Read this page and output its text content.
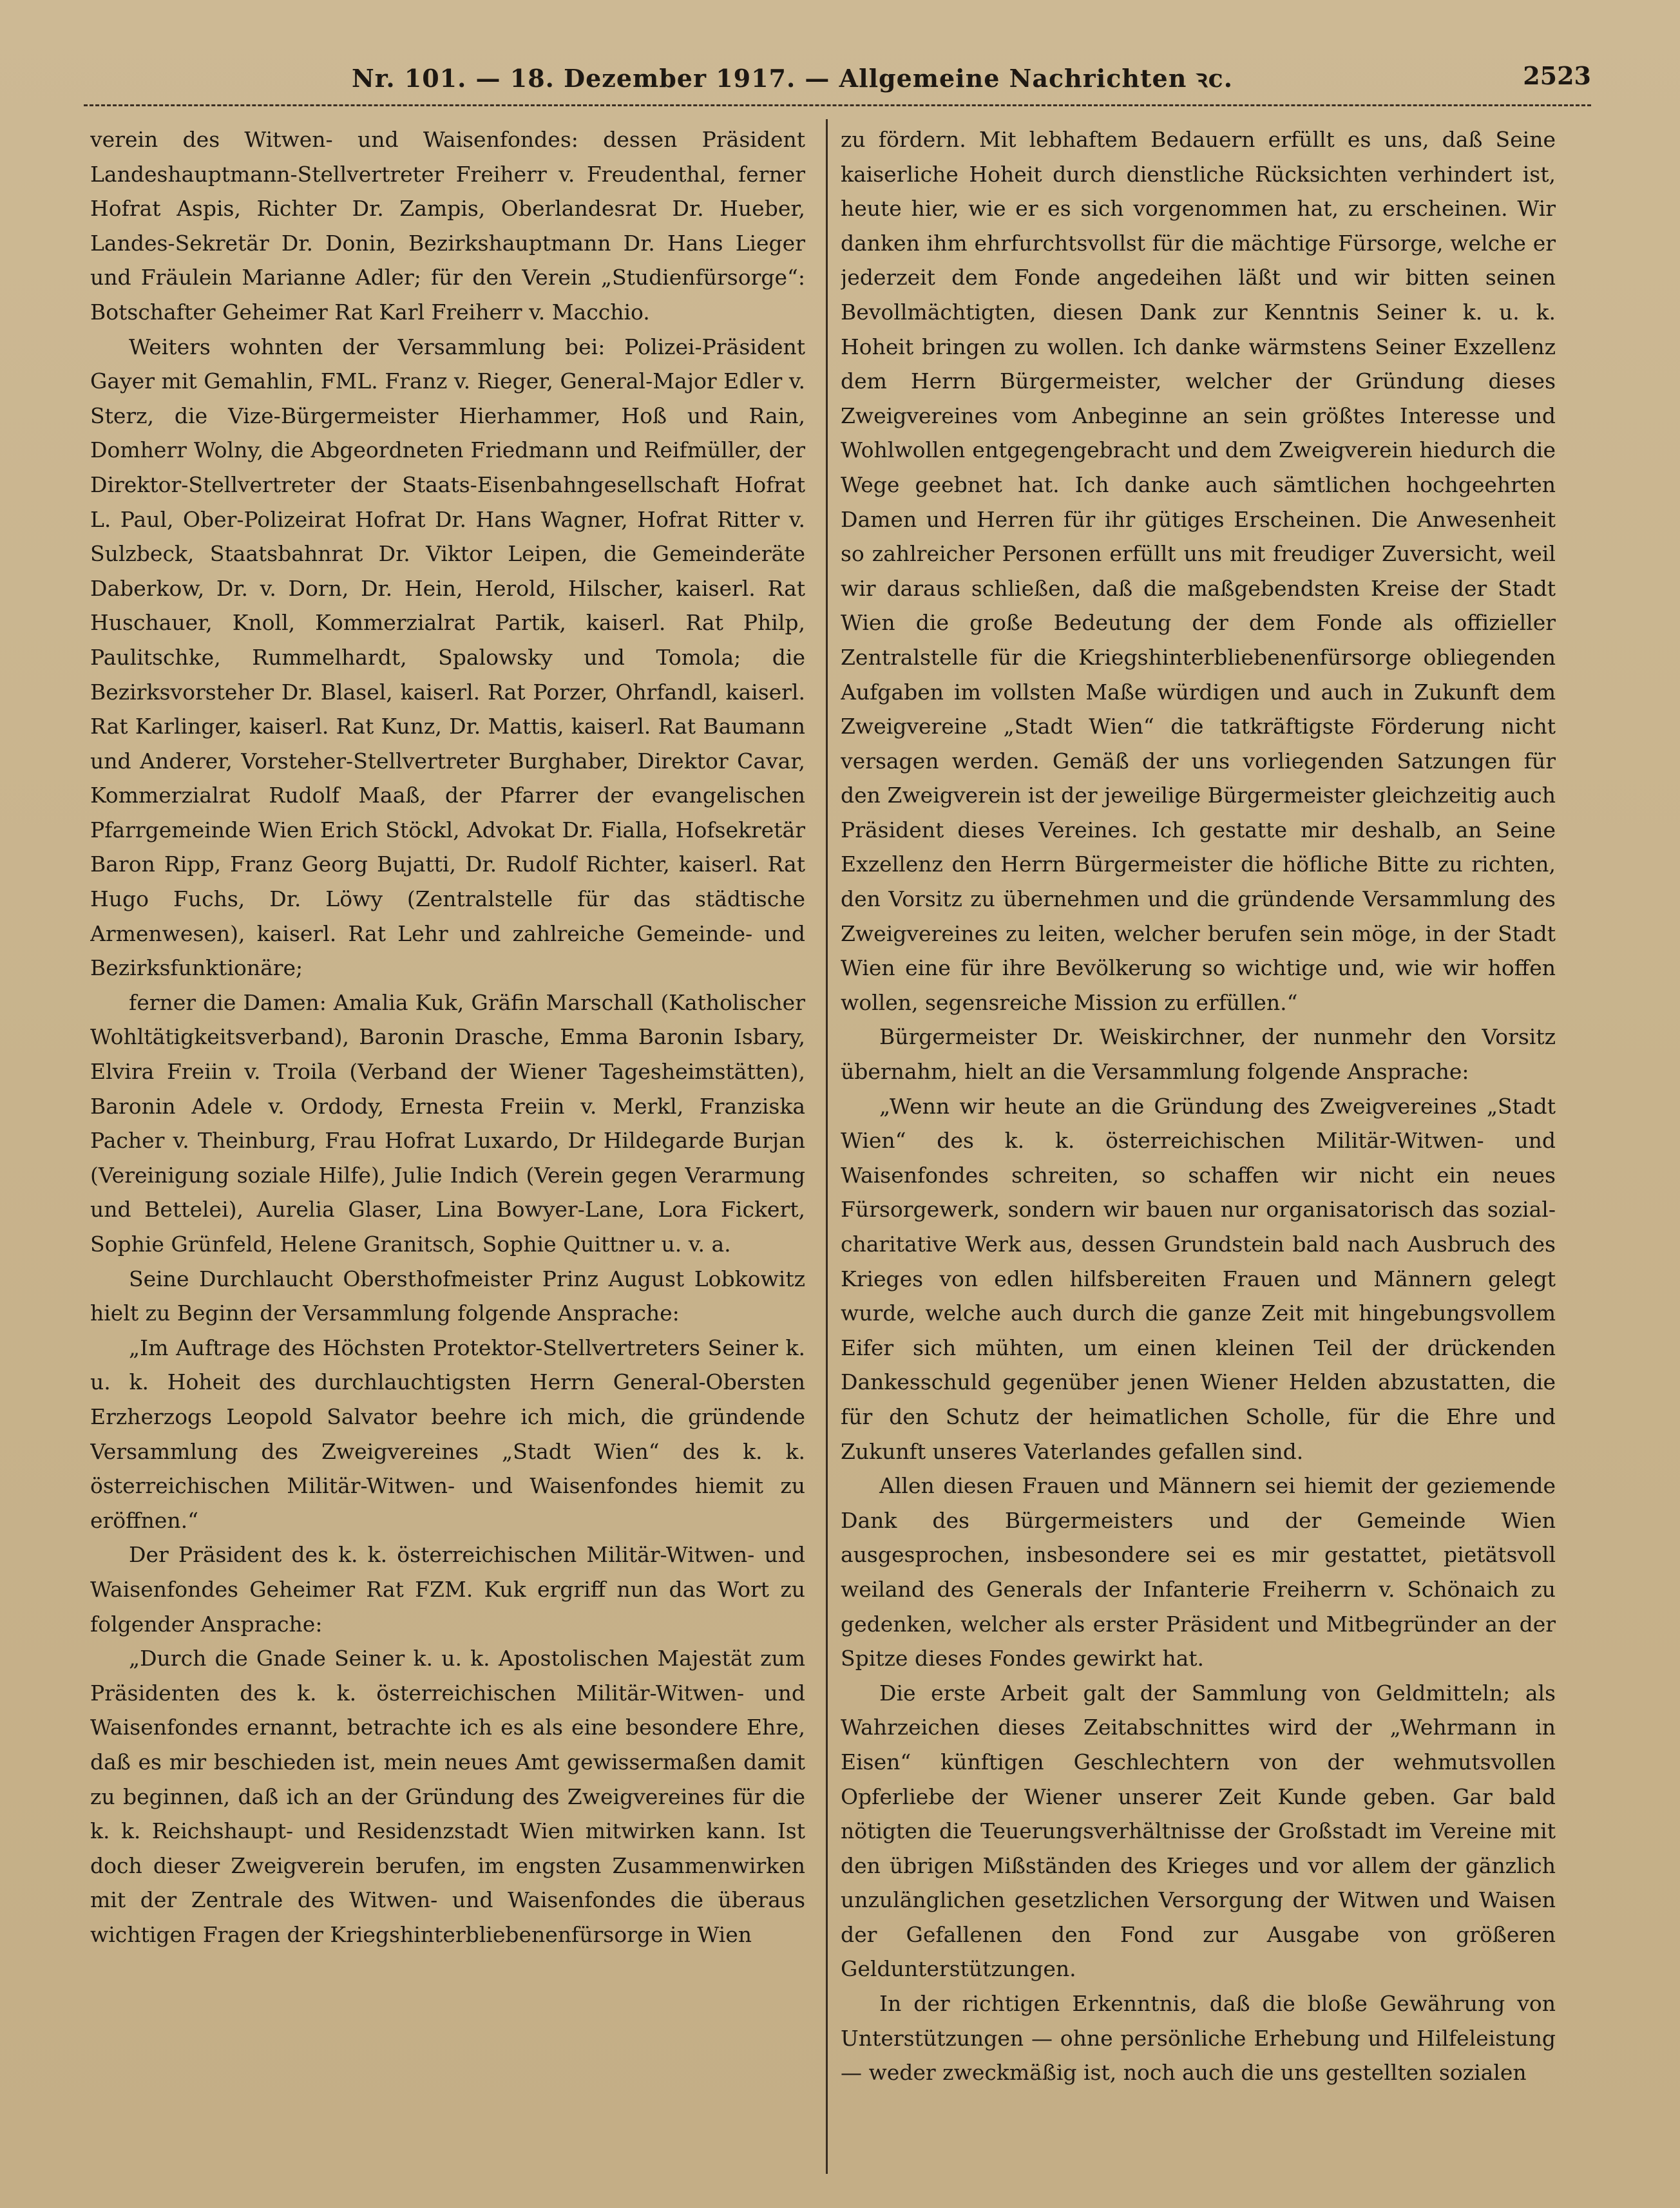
Nr. 101. — 18. Dezember 1917. — Allgemeine Nachrichten ꝛc.	2523

verein des Witwen- und Waisenfondes: dessen Präsident Landeshauptmann-Stellvertreter Freiherr v. Freudenthal, ferner Hofrat Aspis, Richter Dr. Zampis, Oberlandesrat Dr. Hueber, Landes-Sekretär Dr. Donin, Bezirkshauptmann Dr. Hans Lieger und Fräulein Marianne Adler; für den Verein „Studienfürsorge“: Botschafter Geheimer Rat Karl Freiherr v. Macchio.

Weiters wohnten der Versammlung bei: Polizei-Präsident Gayer mit Gemahlin, FML. Franz v. Rieger, General-Major Edler v. Sterz, die Vize-Bürgermeister Hierhammer, Hoß und Rain, Domherr Wolny, die Abgeordneten Friedmann und Reifmüller, der Direktor-Stellvertreter der Staats-Eisenbahngesellschaft Hofrat L. Paul, Ober-Polizeirat Hofrat Dr. Hans Wagner, Hofrat Ritter v. Sulzbeck, Staatsbahnrat Dr. Viktor Leipen, die Gemeinderäte Daberkow, Dr. v. Dorn, Dr. Hein, Herold, Hilscher, kaiserl. Rat Huschauer, Knoll, Kommerzialrat Partik, kaiserl. Rat Philp, Paulitschke, Rummelhardt, Spalowsky und Tomola; die Bezirksvorsteher Dr. Blasel, kaiserl. Rat Porzer, Ohrfandl, kaiserl. Rat Karlinger, kaiserl. Rat Kunz, Dr. Mattis, kaiserl. Rat Baumann und Anderer, Vorsteher-Stellvertreter Burghaber, Direktor Cavar, Kommerzialrat Rudolf Maaß, der Pfarrer der evangelischen Pfarrgemeinde Wien Erich Stöckl, Advokat Dr. Fialla, Hofsekretär Baron Ripp, Franz Georg Bujatti, Dr. Rudolf Richter, kaiserl. Rat Hugo Fuchs, Dr. Löwy (Zentralstelle für das städtische Armenwesen), kaiserl. Rat Lehr und zahlreiche Gemeinde- und Bezirksfunktionäre;

ferner die Damen: Amalia Kuk, Gräfin Marschall (Katholischer Wohltätigkeitsverband), Baronin Drasche, Emma Baronin Isbary, Elvira Freiin v. Troila (Verband der Wiener Tagesheimstätten), Baronin Adele v. Ordody, Ernesta Freiin v. Merkl, Franziska Pacher v. Theinburg, Frau Hofrat Luxardo, Dr Hildegarde Burjan (Vereinigung soziale Hilfe), Julie Indich (Verein gegen Verarmung und Bettelei), Aurelia Glaser, Lina Bowyer-Lane, Lora Fickert, Sophie Grünfeld, Helene Granitsch, Sophie Quittner u. v. a.

Seine Durchlaucht Obersthofmeister Prinz August Lobkowitz hielt zu Beginn der Versammlung folgende Ansprache:

„Im Auftrage des Höchsten Protektor-Stellvertreters Seiner k. u. k. Hoheit des durchlauchtigsten Herrn General-Obersten Erzherzogs Leopold Salvator beehre ich mich, die gründende Versammlung des Zweigvereines „Stadt Wien“ des k. k. österreichischen Militär-Witwen- und Waisenfondes hiemit zu eröffnen.“

Der Präsident des k. k. österreichischen Militär-Witwen- und Waisenfondes Geheimer Rat FZM. Kuk ergriff nun das Wort zu folgender Ansprache:

„Durch die Gnade Seiner k. u. k. Apostolischen Majestät zum Präsidenten des k. k. österreichischen Militär-Witwen- und Waisenfondes ernannt, betrachte ich es als eine besondere Ehre, daß es mir beschieden ist, mein neues Amt gewissermaßen damit zu beginnen, daß ich an der Gründung des Zweigvereines für die k. k. Reichshaupt- und Residenzstadt Wien mitwirken kann. Ist doch dieser Zweigverein berufen, im engsten Zusammenwirken mit der Zentrale des Witwen- und Waisenfondes die überaus wichtigen Fragen der Kriegshinterbliebenenfürsorge in Wien

zu fördern. Mit lebhaftem Bedauern erfüllt es uns, daß Seine kaiserliche Hoheit durch dienstliche Rücksichten verhindert ist, heute hier, wie er es sich vorgenommen hat, zu erscheinen. Wir danken ihm ehrfurchtsvollst für die mächtige Fürsorge, welche er jederzeit dem Fonde angedeihen läßt und wir bitten seinen Bevollmächtigten, diesen Dank zur Kenntnis Seiner k. u. k. Hoheit bringen zu wollen. Ich danke wärmstens Seiner Exzellenz dem Herrn Bürgermeister, welcher der Gründung dieses Zweigvereines vom Anbeginne an sein größtes Interesse und Wohlwollen entgegengebracht und dem Zweigverein hiedurch die Wege geebnet hat. Ich danke auch sämtlichen hochgeehrten Damen und Herren für ihr gütiges Erscheinen. Die Anwesenheit so zahlreicher Personen erfüllt uns mit freudiger Zuversicht, weil wir daraus schließen, daß die maßgebendsten Kreise der Stadt Wien die große Bedeutung der dem Fonde als offizieller Zentralstelle für die Kriegshinterbliebenenfürsorge obliegenden Aufgaben im vollsten Maße würdigen und auch in Zukunft dem Zweigvereine „Stadt Wien“ die tatkräftigste Förderung nicht versagen werden. Gemäß der uns vorliegenden Satzungen für den Zweigverein ist der jeweilige Bürgermeister gleichzeitig auch Präsident dieses Vereines. Ich gestatte mir deshalb, an Seine Exzellenz den Herrn Bürgermeister die höfliche Bitte zu richten, den Vorsitz zu übernehmen und die gründende Versammlung des Zweigvereines zu leiten, welcher berufen sein möge, in der Stadt Wien eine für ihre Bevölkerung so wichtige und, wie wir hoffen wollen, segensreiche Mission zu erfüllen.“

Bürgermeister Dr. Weiskirchner, der nunmehr den Vorsitz übernahm, hielt an die Versammlung folgende Ansprache:

„Wenn wir heute an die Gründung des Zweigvereines „Stadt Wien“ des k. k. österreichischen Militär-Witwen- und Waisenfondes schreiten, so schaffen wir nicht ein neues Fürsorgewerk, sondern wir bauen nur organisatorisch das sozial-charitative Werk aus, dessen Grundstein bald nach Ausbruch des Krieges von edlen hilfsbereiten Frauen und Männern gelegt wurde, welche auch durch die ganze Zeit mit hingebungsvollem Eifer sich mühten, um einen kleinen Teil der drückenden Dankesschuld gegenüber jenen Wiener Helden abzustatten, die für den Schutz der heimatlichen Scholle, für die Ehre und Zukunft unseres Vaterlandes gefallen sind.

Allen diesen Frauen und Männern sei hiemit der geziemende Dank des Bürgermeisters und der Gemeinde Wien ausgesprochen, insbesondere sei es mir gestattet, pietätsvoll weiland des Generals der Infanterie Freiherrn v. Schönaich zu gedenken, welcher als erster Präsident und Mitbegründer an der Spitze dieses Fondes gewirkt hat.

Die erste Arbeit galt der Sammlung von Geldmitteln; als Wahrzeichen dieses Zeitabschnittes wird der „Wehrmann in Eisen“ künftigen Geschlechtern von der wehmutsvollen Opferliebe der Wiener unserer Zeit Kunde geben. Gar bald nötigten die Teuerungsverhältnisse der Großstadt im Vereine mit den übrigen Mißständen des Krieges und vor allem der gänzlich unzulänglichen gesetzlichen Versorgung der Witwen und Waisen der Gefallenen den Fond zur Ausgabe von größeren Geldunterstützungen.

In der richtigen Erkenntnis, daß die bloße Gewährung von Unterstützungen — ohne persönliche Erhebung und Hilfeleistung — weder zweckmäßig ist, noch auch die uns gestellten sozialen
